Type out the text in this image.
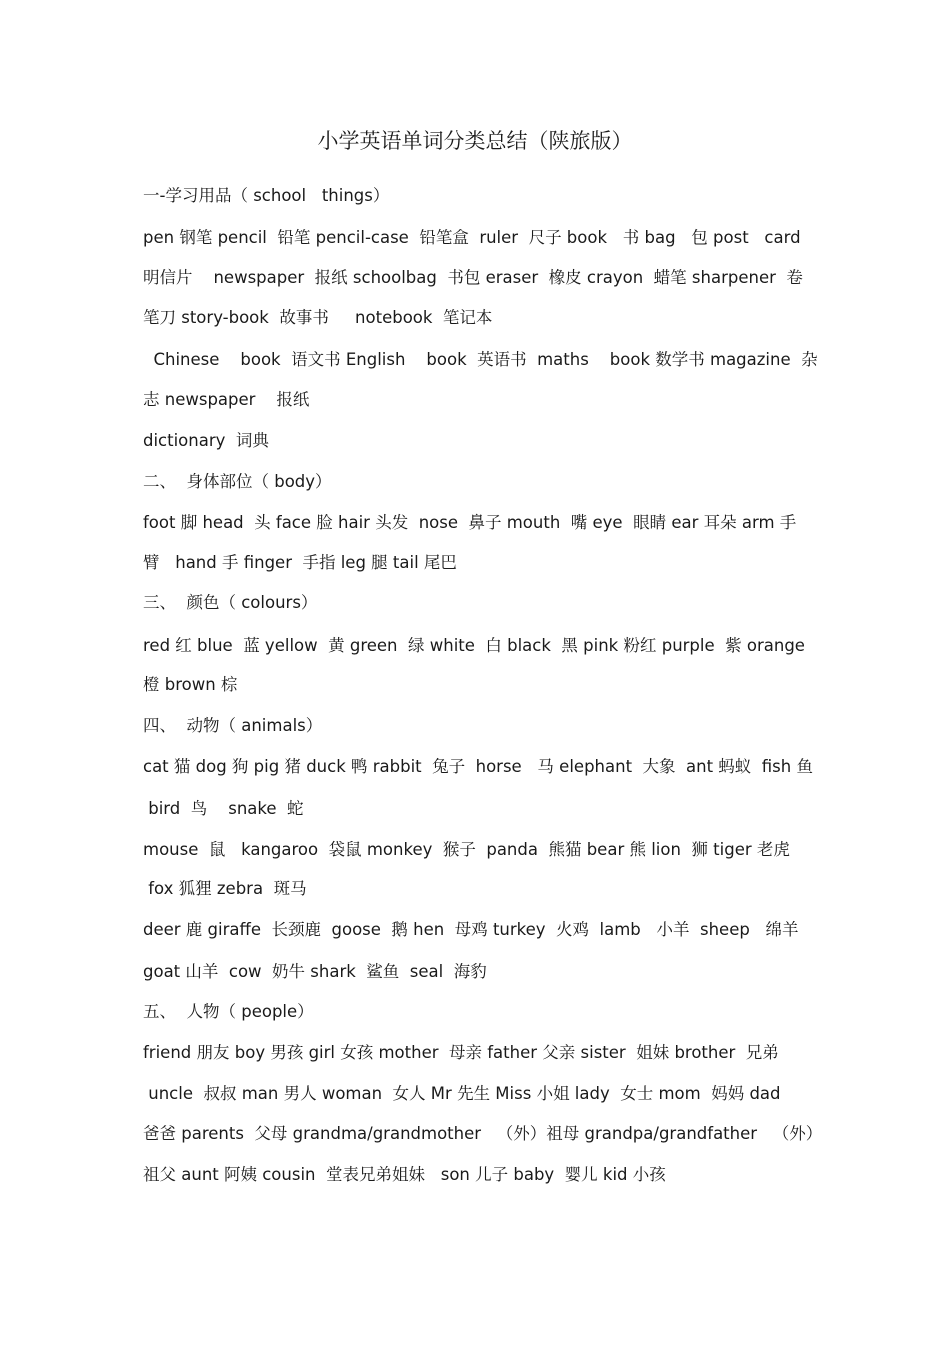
小学英语单词分类总结（陕旅版）
一-学习用品（ school   things）
pen 钢笔 pencil  铅笔 pencil-case  铅笔盒  ruler  尺子 book   书 bag   包 post   card
明信片    newspaper  报纸 schoolbag  书包 eraser  橡皮 crayon  蜡笔 sharpener  卷
笔刀 story-book  故事书     notebook  笔记本
Chinese    book  语文书 English    book  英语书  maths    book 数学书 magazine  杂
志 newspaper    报纸
dictionary  词典
二、  身体部位（ body）
foot 脚 head  头 face 脸 hair 头发  nose  鼻子 mouth  嘴 eye  眼睛 ear 耳朵 arm 手
臂   hand 手 finger  手指 leg 腿 tail 尾巴
三、  颜色（ colours）
red 红 blue  蓝 yellow  黄 green  绿 white  白 black  黑 pink 粉红 purple  紫 orange
橙 brown 棕
四、  动物（ animals）
cat 猫 dog 狗 pig 猪 duck 鸭 rabbit  兔子  horse   马 elephant  大象  ant 蚂蚁  fish 鱼
bird  鸟    snake  蛇
mouse  鼠   kangaroo  袋鼠 monkey  猴子  panda  熊猫 bear 熊 lion  狮 tiger 老虎
fox 狐狸 zebra  斑马
deer 鹿 giraffe  长颈鹿  goose  鹅 hen  母鸡 turkey  火鸡  lamb   小羊  sheep   绵羊
goat 山羊  cow  奶牛 shark  鲨鱼  seal  海豹
五、  人物（ people）
friend 朋友 boy 男孩 girl 女孩 mother  母亲 father 父亲 sister  姐妹 brother  兄弟
uncle  叔叔 man 男人 woman  女人 Mr 先生 Miss 小姐 lady  女士 mom  妈妈 dad
爸爸 parents  父母 grandma/grandmother   （外）祖母 grandpa/grandfather   （外）
祖父 aunt 阿姨 cousin  堂表兄弟姐妹   son 儿子 baby  婴儿 kid 小孩
